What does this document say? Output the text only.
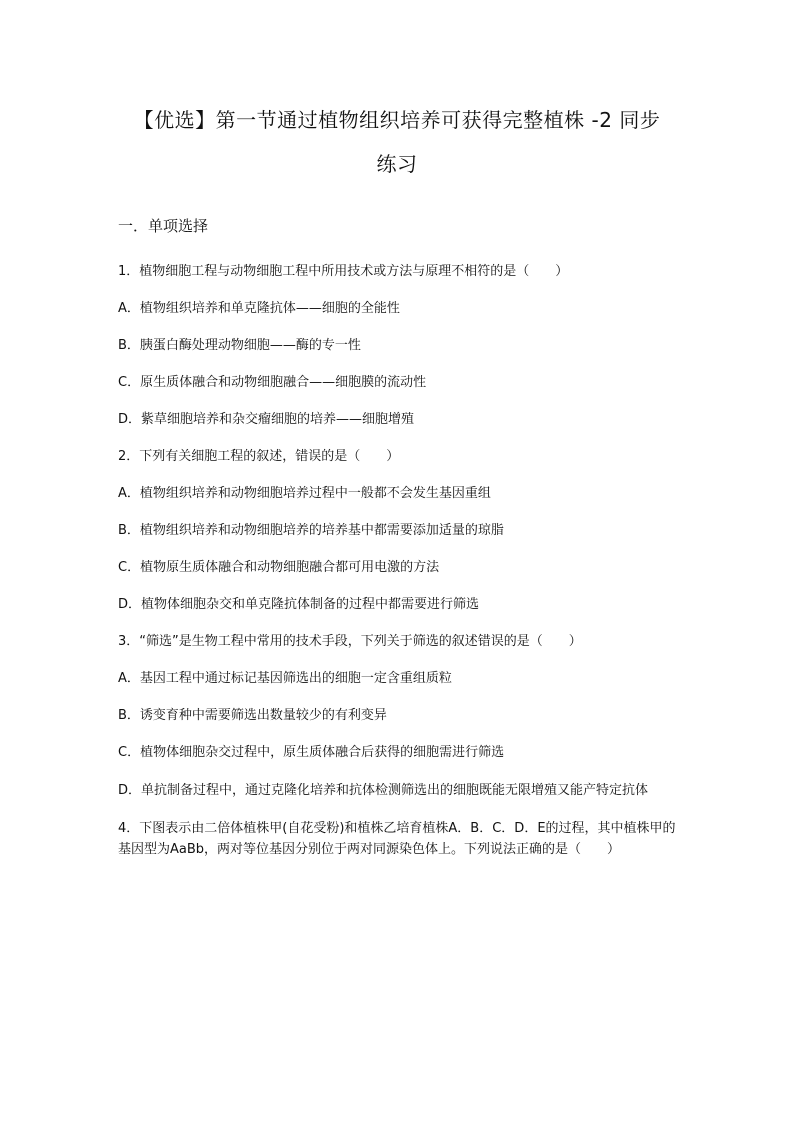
【优选】第一节通过植物组织培养可获得完整植株 -2 同步
练习
一．单项选择

1．植物细胞工程与动物细胞工程中所用技术或方法与原理不相符的是（　　）

A．植物组织培养和单克隆抗体——细胞的全能性

B．胰蛋白酶处理动物细胞——酶的专一性

C．原生质体融合和动物细胞融合——细胞膜的流动性

D．紫草细胞培养和杂交瘤细胞的培养——细胞增殖

2．下列有关细胞工程的叙述，错误的是（　　）

A．植物组织培养和动物细胞培养过程中一般都不会发生基因重组

B．植物组织培养和动物细胞培养的培养基中都需要添加适量的琼脂

C．植物原生质体融合和动物细胞融合都可用电激的方法

D．植物体细胞杂交和单克隆抗体制备的过程中都需要进行筛选

3．“筛选”是生物工程中常用的技术手段，下列关于筛选的叙述错误的是（　　）

A．基因工程中通过标记基因筛选出的细胞一定含重组质粒

B．诱变育种中需要筛选出数量较少的有利变异

C．植物体细胞杂交过程中，原生质体融合后获得的细胞需进行筛选

D．单抗制备过程中，通过克隆化培养和抗体检测筛选出的细胞既能无限增殖又能产特定抗体

4．下图表示由二倍体植株甲(自花受粉)和植株乙培育植株A．B．C．D．E的过程，其中植株甲的基因型为AaBb，两对等位基因分别位于两对同源染色体上。下列说法正确的是（　　）
